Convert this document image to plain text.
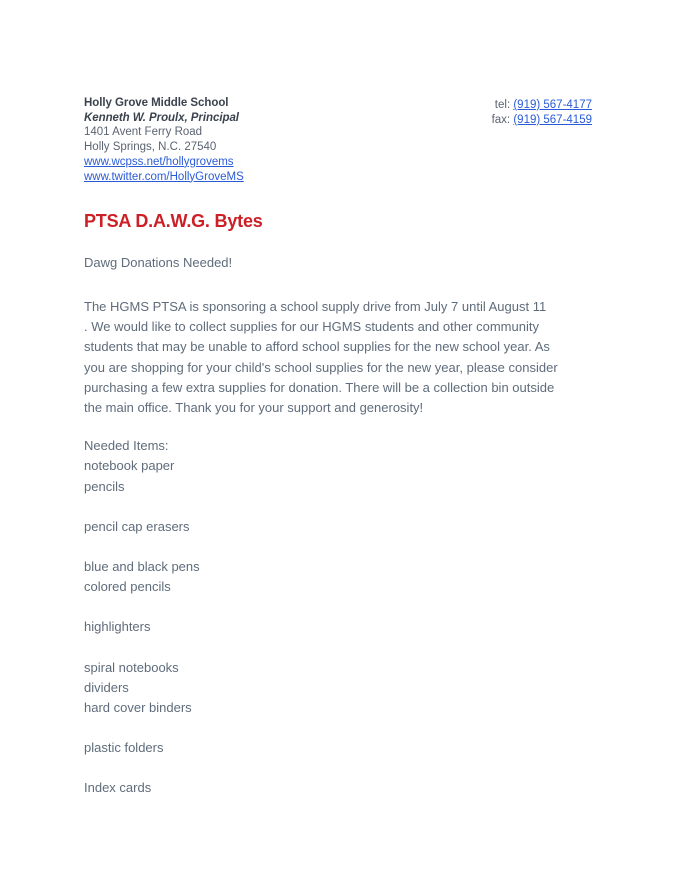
Holly Grove Middle School
Kenneth W. Proulx, Principal
1401 Avent Ferry Road
Holly Springs, N.C. 27540
www.wcpss.net/hollygrovems
www.twitter.com/HollyGroveMS
tel: (919) 567-4177
fax: (919) 567-4159
PTSA D.A.W.G. Bytes

Dawg Donations Needed!

The HGMS PTSA is sponsoring a school supply drive from July 7 until August 11
. We would like to collect supplies for our HGMS students and other community
students that may be unable to afford school supplies for the new school year. As
you are shopping for your child's school supplies for the new year, please consider
purchasing a few extra supplies for donation. There will be a collection bin outside
the main office. Thank you for your support and generosity!

Needed Items:
notebook paper
pencils
pencil cap erasers
blue and black pens
colored pencils
highlighters
spiral notebooks
dividers
hard cover binders
plastic folders
Index cards
